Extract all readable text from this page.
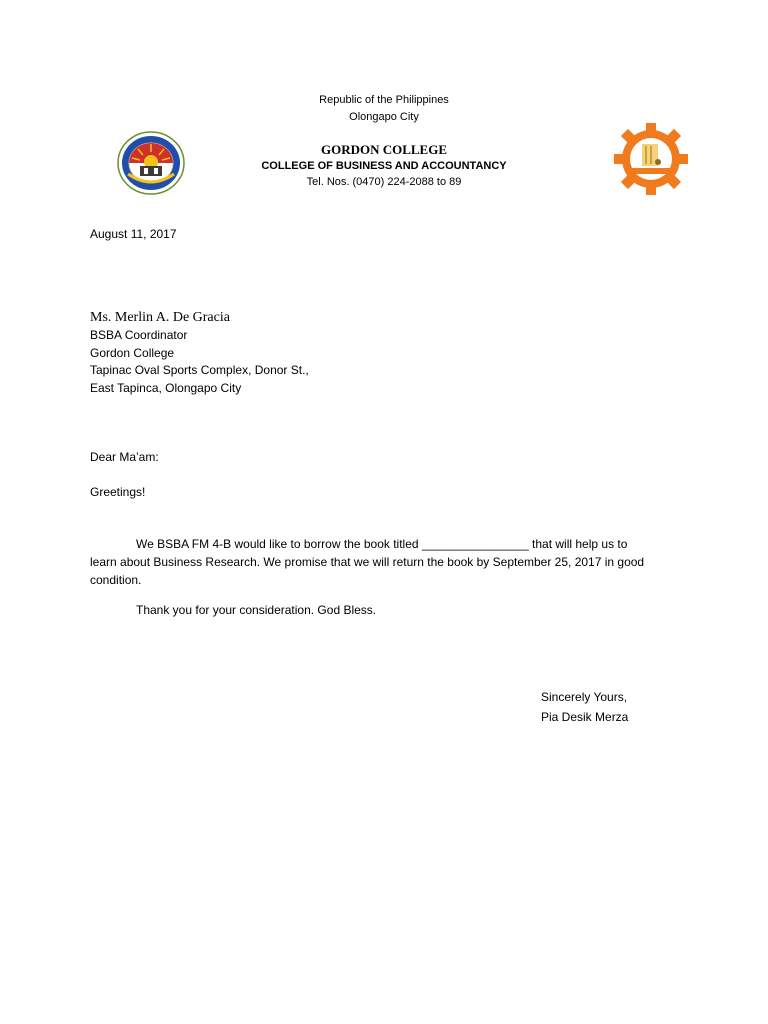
Republic of the Philippines

Olongapo City

GORDON COLLEGE

COLLEGE OF BUSINESS AND ACCOUNTANCY

Tel. Nos. (0470) 224-2088 to 89

August 11, 2017

Ms. Merlin A. De Gracia

BSBA Coordinator

Gordon College

Tapinac Oval Sports Complex, Donor St.,

East Tapinca, Olongapo City

Dear Ma’am:

Greetings!

We BSBA FM 4-B would like to borrow the book titled ________________ that will help us to

learn about Business Research. We promise that we will return the book by September 25, 2017 in good

condition.

Thank you for your consideration. God Bless.

Sincerely Yours,

Pia Desik Merza
